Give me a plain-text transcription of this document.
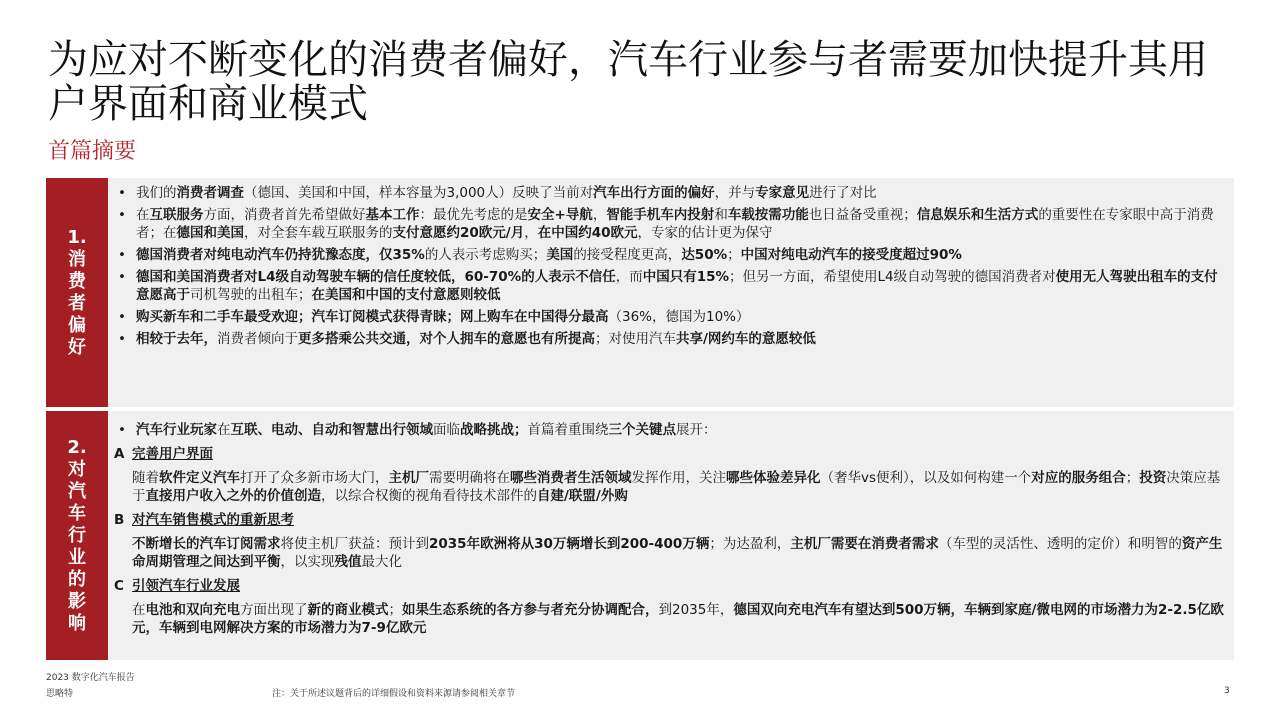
为应对不断变化的消费者偏好，汽车行业参与者需要加快提升其用户界面和商业模式
首篇摘要
1.
消
费
者
偏
好
• 我们的消费者调查（德国、美国和中国，样本容量为3,000人）反映了当前对汽车出行方面的偏好，并与专家意见进行了对比
• 在互联服务方面，消费者首先希望做好基本工作：最优先考虑的是安全+导航，智能手机车内投射和车载按需功能也日益备受重视；信息娱乐和生活方式的重要性在专家眼中高于消费者；在德国和美国，对全套车载互联服务的支付意愿约20欧元/月，在中国约40欧元，专家的估计更为保守
• 德国消费者对纯电动汽车仍持犹豫态度，仅35%的人表示考虑购买；美国的接受程度更高，达50%；中国对纯电动汽车的接受度超过90%
• 德国和美国消费者对L4级自动驾驶车辆的信任度较低，60-70%的人表示不信任，而中国只有15%；但另一方面，希望使用L4级自动驾驶的德国消费者对使用无人驾驶出租车的支付意愿高于司机驾驶的出租车；在美国和中国的支付意愿则较低
• 购买新车和二手车最受欢迎；汽车订阅模式获得青睐；网上购车在中国得分最高（36%，德国为10%）
• 相较于去年，消费者倾向于更多搭乘公共交通，对个人拥车的意愿也有所提高；对使用汽车共享/网约车的意愿较低
2.
对
汽
车
行
业
的
影
响
• 汽车行业玩家在互联、电动、自动和智慧出行领域面临战略挑战；首篇着重围绕三个关键点展开：
A 完善用户界面
随着软件定义汽车打开了众多新市场大门，主机厂需要明确将在哪些消费者生活领域发挥作用，关注哪些体验差异化（奢华vs便利），以及如何构建一个对应的服务组合；投资决策应基于直接用户收入之外的价值创造，以综合权衡的视角看待技术部件的自建/联盟/外购
B 对汽车销售模式的重新思考
不断增长的汽车订阅需求将使主机厂获益：预计到2035年欧洲将从30万辆增长到200-400万辆；为达盈利，主机厂需要在消费者需求（车型的灵活性、透明的定价）和明智的资产生命周期管理之间达到平衡，以实现残值最大化
C 引领汽车行业发展
在电池和双向充电方面出现了新的商业模式；如果生态系统的各方参与者充分协调配合，到2035年，德国双向充电汽车有望达到500万辆，车辆到家庭/微电网的市场潜力为2-2.5亿欧元，车辆到电网解决方案的市场潜力为7-9亿欧元
2023 数字化汽车报告
思略特	注：关于所述议题背后的详细假设和资料来源请参阅相关章节	3
